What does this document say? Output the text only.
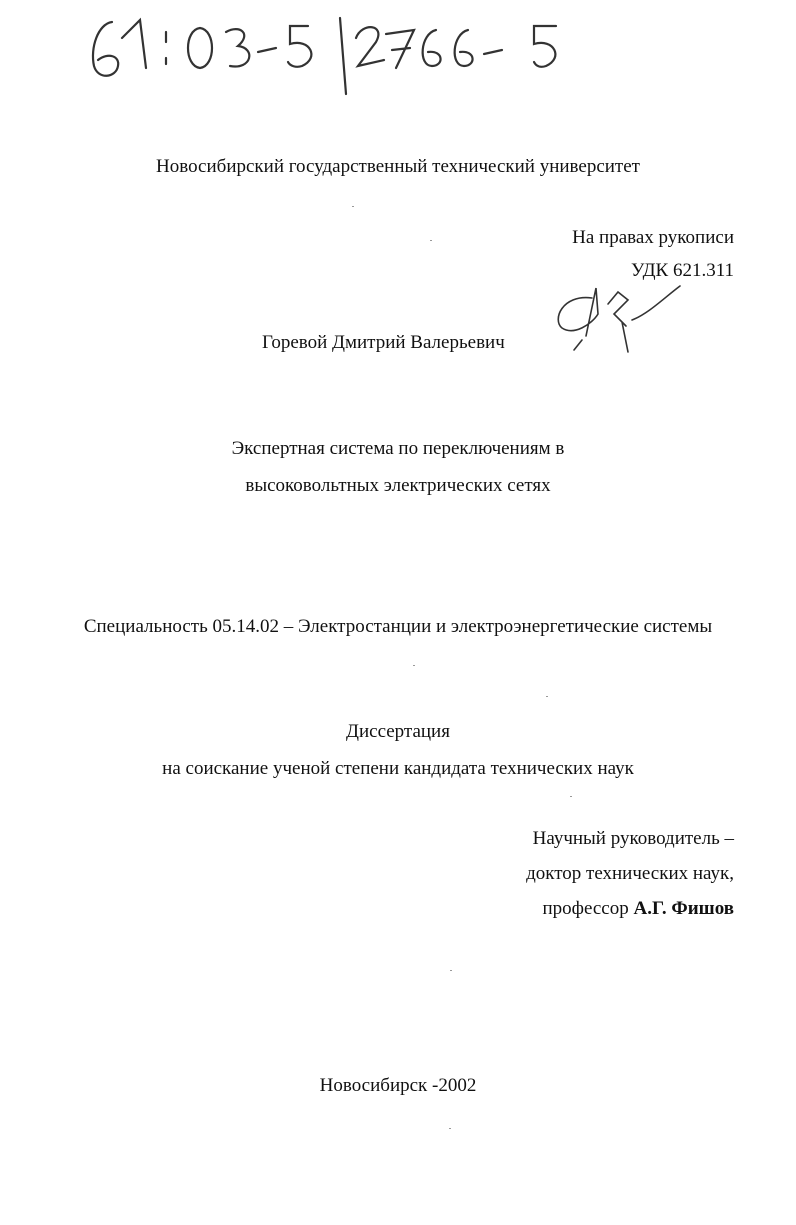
Новосибирский государственный технический университет
На правах рукописи
УДК 621.311
Горевой Дмитрий Валерьевич
Экспертная система по переключениям в
высоковольтных электрических сетях
Специальность 05.14.02 – Электростанции и электроэнергетические системы
Диссертация
на соискание ученой степени кандидата технических наук
Научный руководитель –
доктор технических наук,
профессор А.Г. Фишов
Новосибирск -2002
